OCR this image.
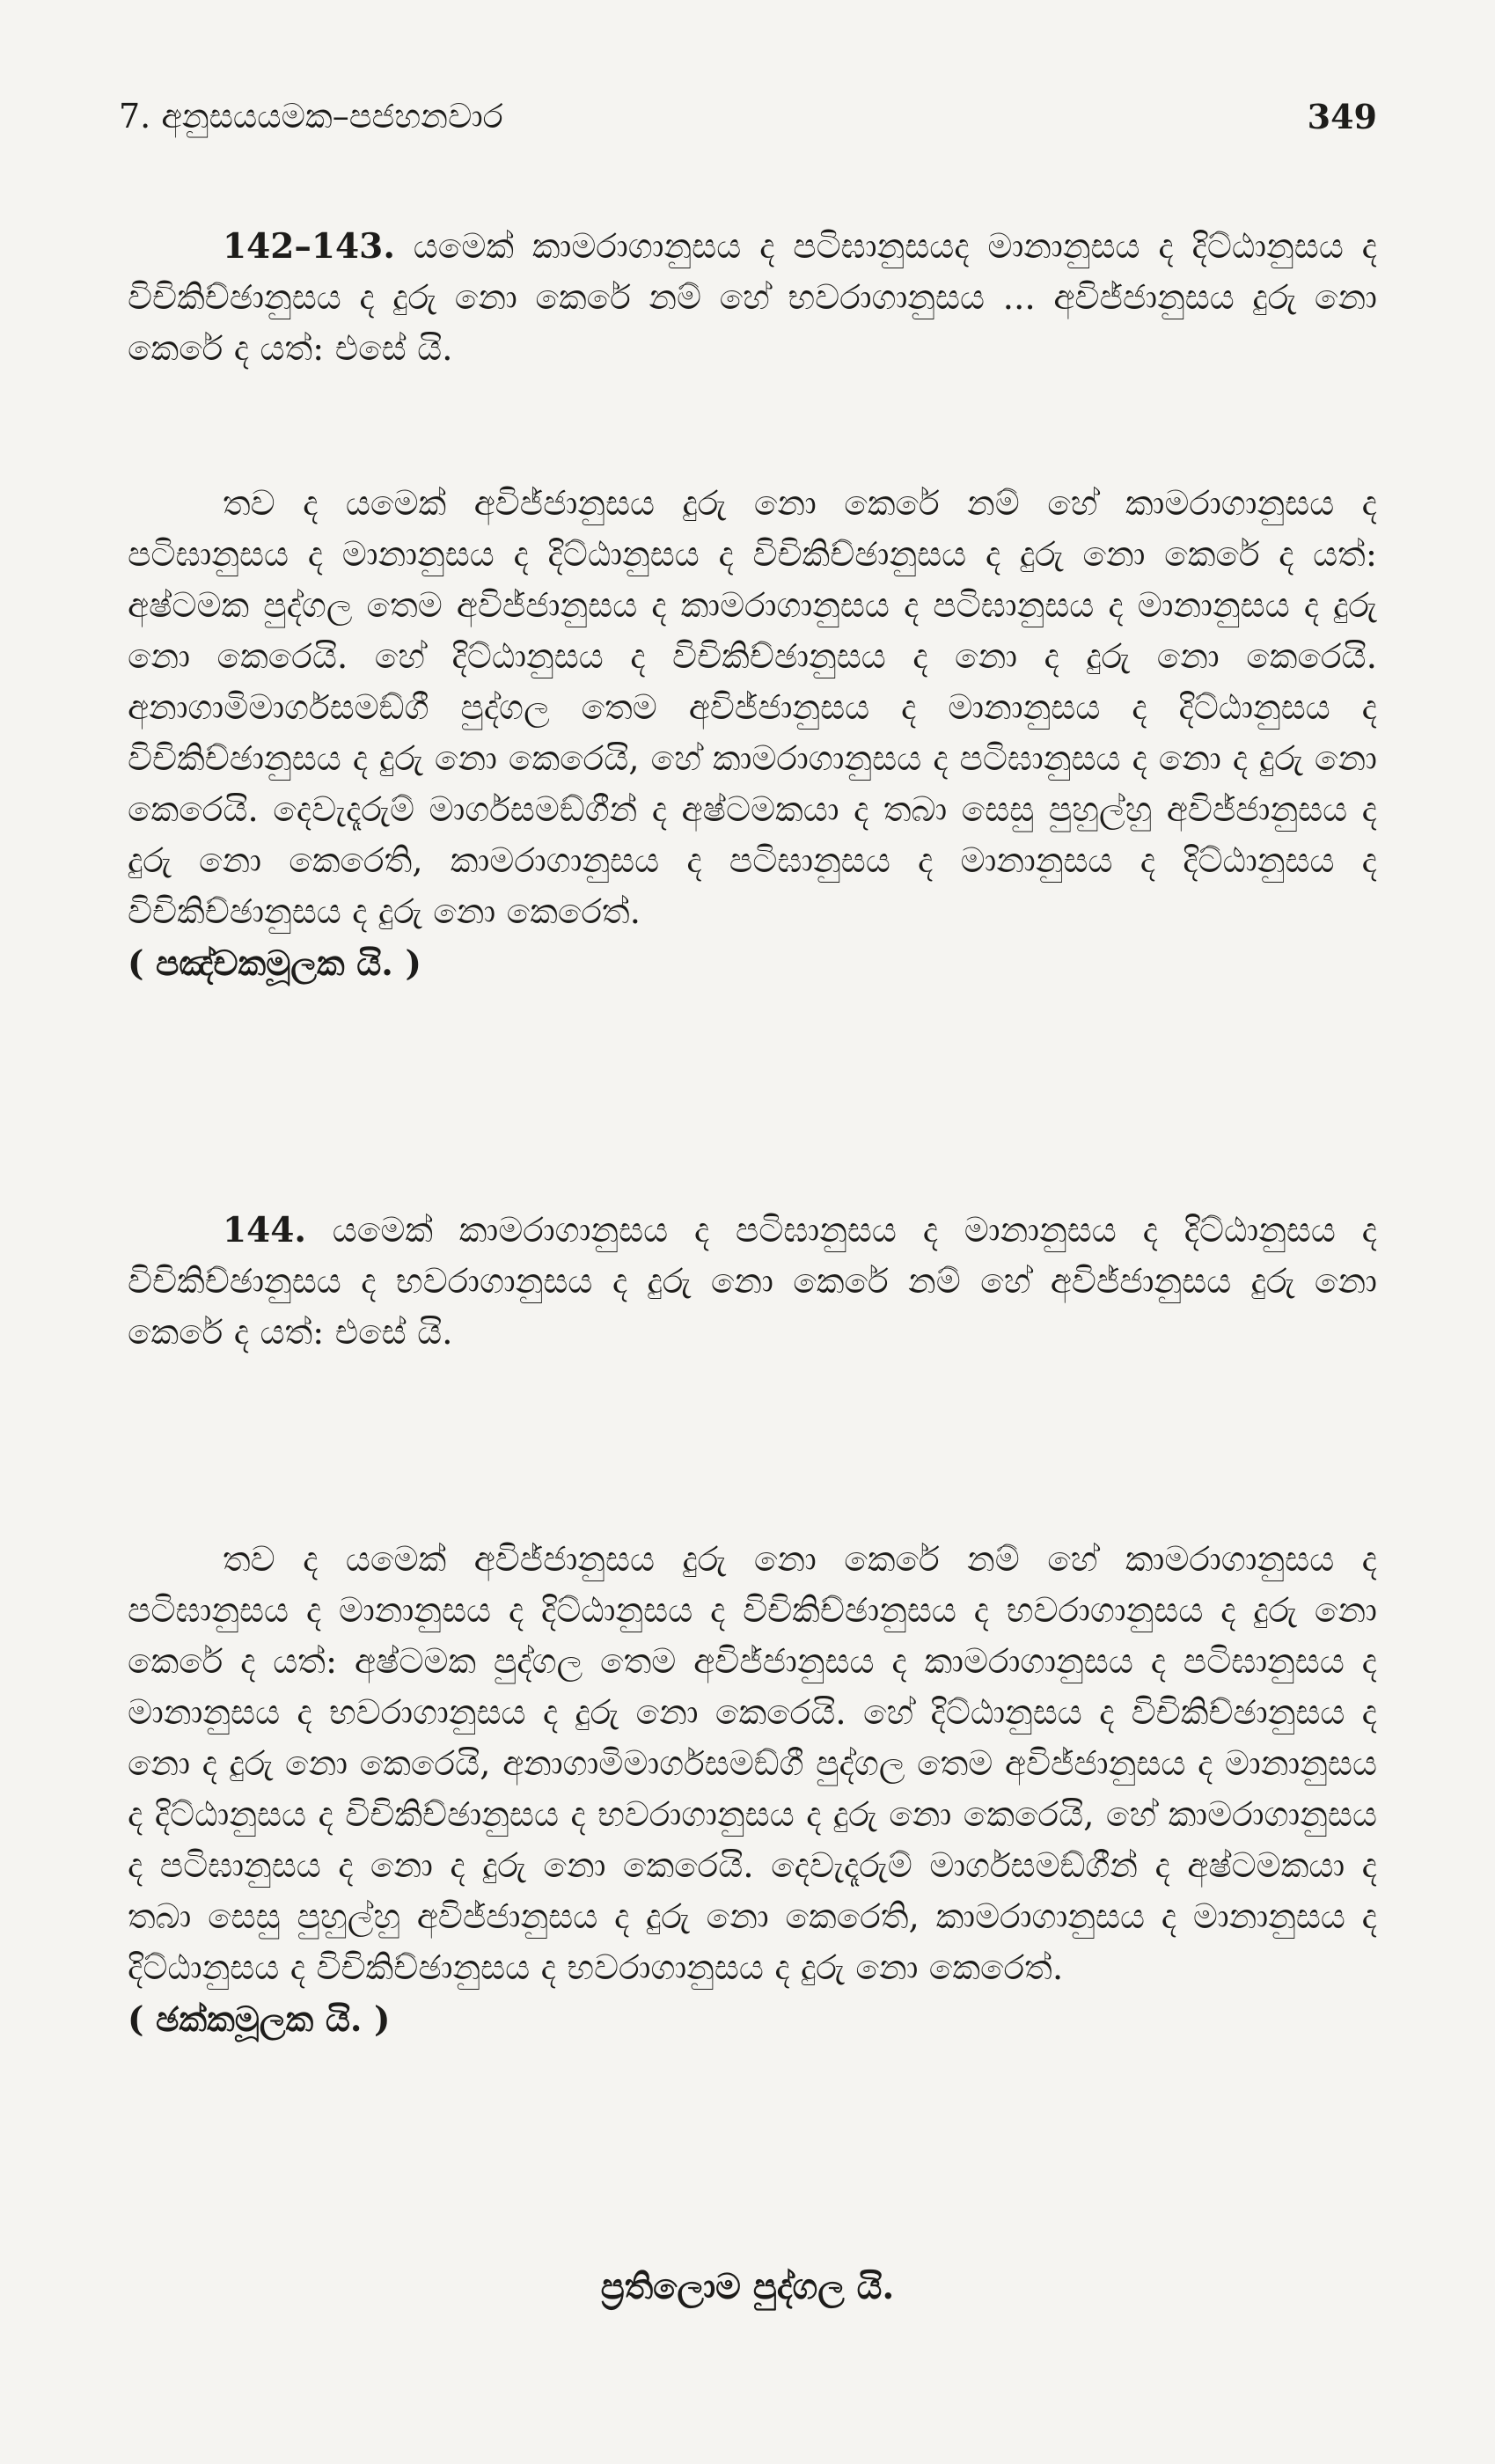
7. අනුසයයමක–පජහනවාර	349

142–143. යමෙක් කාමරාගානුසය ද පටිඝානුසයද මානානුසය ද දිට්ඨානුසය ද විචිකිච්ඡානුසය ද දුරු නො කෙරේ නම් හේ භවරාගානුසය ... අවිජ්ජානුසය දුරු නො කෙරේ ද යත්: එසේ යි.

තව ද යමෙක් අවිජ්ජානුසය දුරු නො කෙරේ නම් හේ කාමරාගානුසය ද පටිඝානුසය ද මානානුසය ද දිට්ඨානුසය ද විචිකිච්ඡානුසය ද දුරු නො කෙරේ ද යත්: අෂ්ටමක පුද්ගල තෙම අවිජ්ජානුසය ද කාමරාගානුසය ද පටිඝානුසය ද මානානුසය ද දුරු නො කෙරෙයි. හේ දිට්ඨානුසය ද විචිකිච්ඡානුසය ද නො ද දුරු නො කෙරෙයි. අනාගාමිමාර්ගසමඞ්ගී පුද්ගල තෙම අවිජ්ජානුසය ද මානානුසය ද දිට්ඨානුසය ද විචිකිච්ඡානුසය ද දුරු නො කෙරෙයි, හේ කාමරාගානුසය ද පටිඝානුසය ද නො ද දුරු නො කෙරෙයි. දෙවැදෑරුම් මාර්ගසමඞ්ගීන් ද අෂ්ටමකයා ද තබා සෙසු පුහුල්හු අවිජ්ජානුසය ද දුරු නො කෙරෙති, කාමරාගානුසය ද පටිඝානුසය ද මානානුසය ද දිට්ඨානුසය ද විචිකිච්ඡානුසය ද දුරු නො කෙරෙත්.
( පඤ්චකමූලක යි. )

144. යමෙක් කාමරාගානුසය ද පටිඝානුසය ද මානානුසය ද දිට්ඨානුසය ද විචිකිච්ඡානුසය ද භවරාගානුසය ද දුරු නො කෙරේ නම් හේ අවිජ්ජානුසය දුරු නො කෙරේ ද යත්: එසේ යි.

තව ද යමෙක් අවිජ්ජානුසය දුරු නො කෙරේ නම් හේ කාමරාගානුසය ද පටිඝානුසය ද මානානුසය ද දිට්ඨානුසය ද විචිකිච්ඡානුසය ද භවරාගානුසය ද දුරු නො කෙරේ ද යත්: අෂ්ටමක පුද්ගල තෙම අවිජ්ජානුසය ද කාමරාගානුසය ද පටිඝානුසය ද මානානුසය ද භවරාගානුසය ද දුරු නො කෙරෙයි. හේ දිට්ඨානුසය ද විචිකිච්ඡානුසය ද නො ද දුරු නො කෙරෙයි, අනාගාමිමාර්ගසමඞ්ගී පුද්ගල තෙම අවිජ්ජානුසය ද මානානුසය ද දිට්ඨානුසය ද විචිකිච්ඡානුසය ද භවරාගානුසය ද දුරු නො කෙරෙයි, හේ කාමරාගානුසය ද පටිඝානුසය ද නො ද දුරු නො කෙරෙයි. දෙවැදෑරුම් මාර්ගසමඞ්ගීන් ද අෂ්ටමකයා ද තබා සෙසු පුහුල්හු අවිජ්ජානුසය ද දුරු නො කෙරෙති, කාමරාගානුසය ද මානානුසය ද දිට්ඨානුසය ද විචිකිච්ඡානුසය ද භවරාගානුසය ද දුරු නො කෙරෙත්.
( ඡක්කමූලක යි. )

ප්‍රතිලොම පුද්ගල යි.
